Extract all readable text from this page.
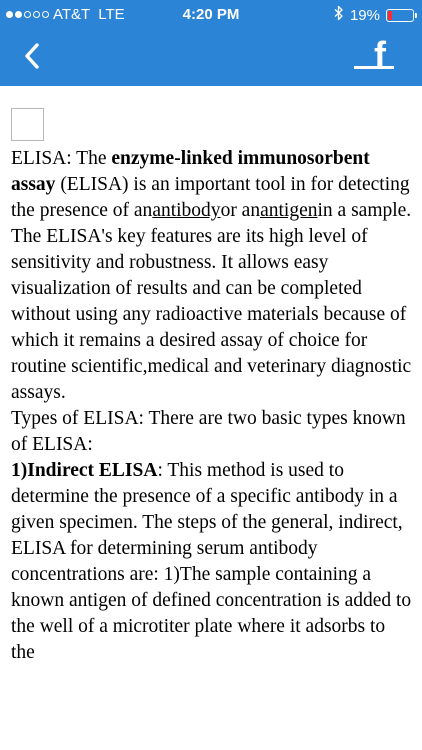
AT&T LTE	4:20 PM	19%
f

ELISA: The enzyme-linked immunosorbent assay (ELISA) is an important tool in for detecting the presence of anantibodyor anantigenin a sample. The ELISA's key features are its high level of sensitivity and robustness. It allows easy visualization of results and can be completed without using any radioactive materials because of which it remains a desired assay of choice for routine scientific,medical and veterinary diagnostic assays.

Types of ELISA: There are two basic types known of ELISA:

1)Indirect ELISA: This method is used to determine the presence of a specific antibody in a given specimen. The steps of the general, indirect, ELISA for determining serum antibody concentrations are: 1)The sample containing a known antigen of defined concentration is added to the well of a microtiter plate where it adsorbs to the
